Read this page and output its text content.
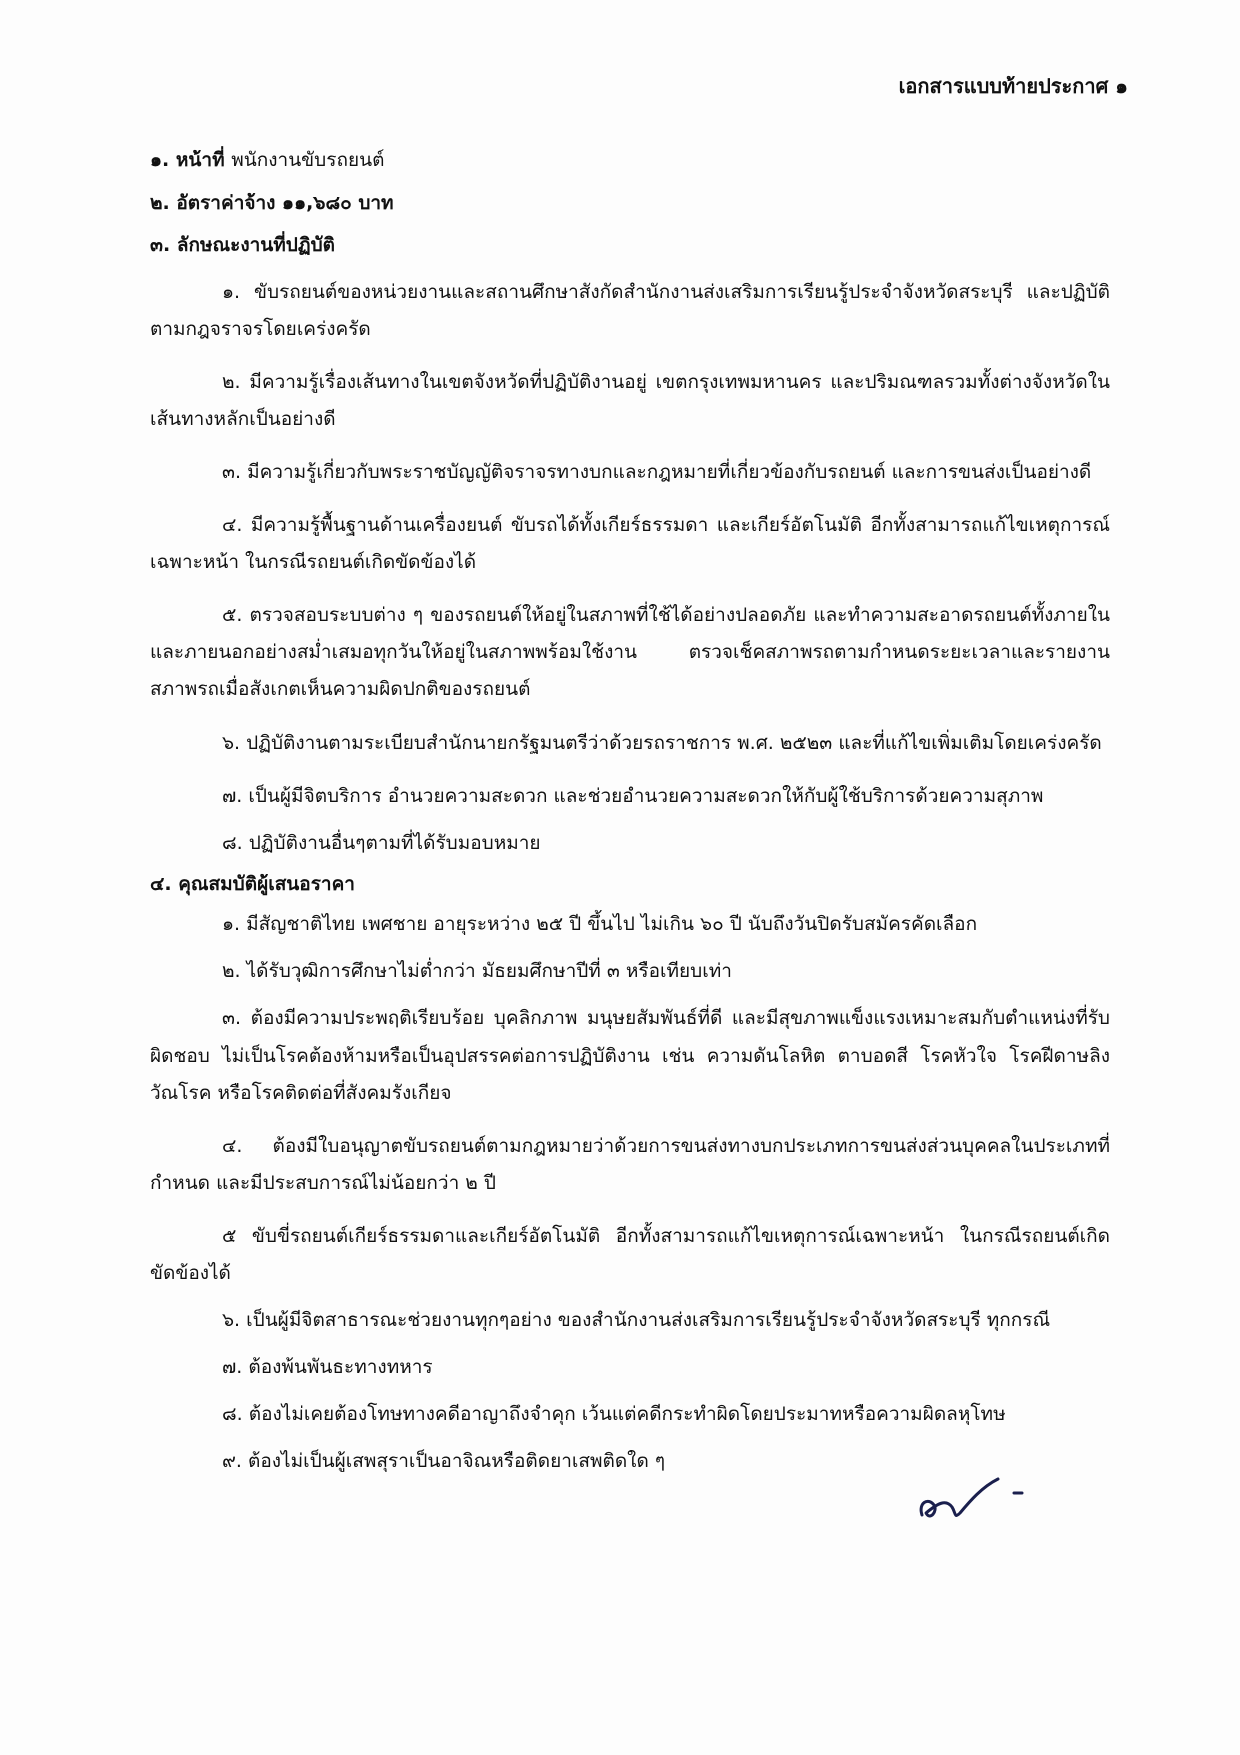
เอกสารแบบท้ายประกาศ ๑
๑. หน้าที่ พนักงานขับรถยนต์
๒. อัตราค่าจ้าง ๑๑,๖๘๐ บาท
๓. ลักษณะงานที่ปฏิบัติ
๑. ขับรถยนต์ของหน่วยงานและสถานศึกษาสังกัดสำนักงานส่งเสริมการเรียนรู้ประจำจังหวัดสระบุรี และปฏิบัติตามกฎจราจรโดยเคร่งครัด
๒. มีความรู้เรื่องเส้นทางในเขตจังหวัดที่ปฏิบัติงานอยู่ เขตกรุงเทพมหานคร และปริมณฑลรวมทั้งต่างจังหวัดในเส้นทางหลักเป็นอย่างดี
๓. มีความรู้เกี่ยวกับพระราชบัญญัติจราจรทางบกและกฎหมายที่เกี่ยวข้องกับรถยนต์ และการขนส่งเป็นอย่างดี
๔. มีความรู้พื้นฐานด้านเครื่องยนต์ ขับรถได้ทั้งเกียร์ธรรมดา และเกียร์อัตโนมัติ อีกทั้งสามารถแก้ไขเหตุการณ์เฉพาะหน้า ในกรณีรถยนต์เกิดขัดข้องได้
๕. ตรวจสอบระบบต่าง ๆ ของรถยนต์ให้อยู่ในสภาพที่ใช้ได้อย่างปลอดภัย และทำความสะอาดรถยนต์ทั้งภายในและภายนอกอย่างสม่ำเสมอทุกวันให้อยู่ในสภาพพร้อมใช้งาน ตรวจเช็คสภาพรถตามกำหนดระยะเวลาและรายงานสภาพรถเมื่อสังเกตเห็นความผิดปกติของรถยนต์
๖. ปฏิบัติงานตามระเบียบสำนักนายกรัฐมนตรีว่าด้วยรถราชการ พ.ศ. ๒๕๒๓ และที่แก้ไขเพิ่มเติมโดยเคร่งครัด
๗. เป็นผู้มีจิตบริการ อำนวยความสะดวก และช่วยอำนวยความสะดวกให้กับผู้ใช้บริการด้วยความสุภาพ
๘. ปฏิบัติงานอื่นๆตามที่ได้รับมอบหมาย
๔. คุณสมบัติผู้เสนอราคา
๑. มีสัญชาติไทย เพศชาย อายุระหว่าง ๒๕ ปี ขึ้นไป ไม่เกิน ๖๐ ปี นับถึงวันปิดรับสมัครคัดเลือก
๒. ได้รับวุฒิการศึกษาไม่ต่ำกว่า มัธยมศึกษาปีที่ ๓ หรือเทียบเท่า
๓. ต้องมีความประพฤติเรียบร้อย บุคลิกภาพ มนุษยสัมพันธ์ที่ดี และมีสุขภาพแข็งแรงเหมาะสมกับตำแหน่งที่รับผิดชอบ ไม่เป็นโรคต้องห้ามหรือเป็นอุปสรรคต่อการปฏิบัติงาน เช่น ความดันโลหิต ตาบอดสี โรคหัวใจ โรคฝีดาษลิง วัณโรค หรือโรคติดต่อที่สังคมรังเกียจ
๔. ต้องมีใบอนุญาตขับรถยนต์ตามกฎหมายว่าด้วยการขนส่งทางบกประเภทการขนส่งส่วนบุคคลในประเภทที่กำหนด และมีประสบการณ์ไม่น้อยกว่า ๒ ปี
๕ ขับขี่รถยนต์เกียร์ธรรมดาและเกียร์อัตโนมัติ อีกทั้งสามารถแก้ไขเหตุการณ์เฉพาะหน้า ในกรณีรถยนต์เกิดขัดข้องได้
๖. เป็นผู้มีจิตสาธารณะช่วยงานทุกๆอย่าง ของสำนักงานส่งเสริมการเรียนรู้ประจำจังหวัดสระบุรี ทุกกรณี
๗. ต้องพ้นพันธะทางทหาร
๘. ต้องไม่เคยต้องโทษทางคดีอาญาถึงจำคุก เว้นแต่คดีกระทำผิดโดยประมาทหรือความผิดลหุโทษ
๙. ต้องไม่เป็นผู้เสพสุราเป็นอาจิณหรือติดยาเสพติดใด ๆ
